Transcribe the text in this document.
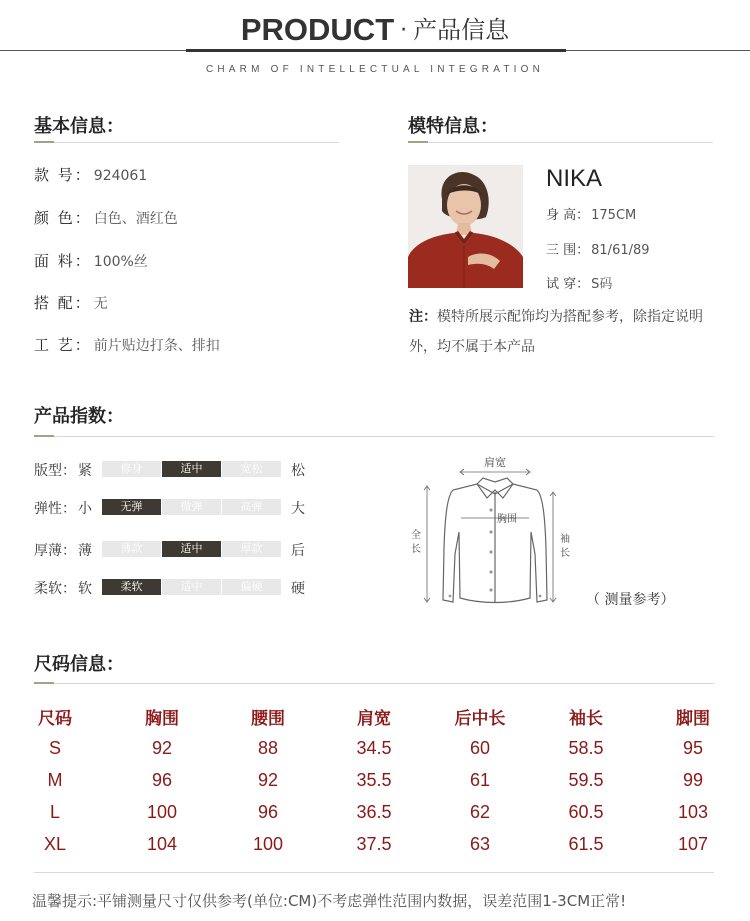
PRODUCT · 产品信息
CHARM OF INTELLECTUAL INTEGRATION
基本信息：
款 号： 924061
颜 色： 白色、酒红色
面 料： 100%丝
搭 配： 无
工 艺： 前片贴边打条、排扣
模特信息：
NIKA
身 高： 175CM
三 围： 81/61/89
试 穿： S码
注：模特所展示配饰均为搭配参考，除指定说明外，均不属于本产品
产品指数：
版型： 紧	修身	适中	宽松	松
弹性： 小	无弹	微弹	高弹	大
厚薄： 薄	薄款	适中	厚款	后
柔软： 软	柔软	适中	偏硬	硬
肩宽
胸围
全
长
袖
长
（ 测量参考）
尺码信息：
尺码	胸围	腰围	肩宽	后中长	袖长	脚围
S	92	88	34.5	60	58.5	95
M	96	92	35.5	61	59.5	99
L	100	96	36.5	62	60.5	103
XL	104	100	37.5	63	61.5	107
温馨提示:平铺测量尺寸仅供参考(单位:CM)不考虑弹性范围内数据，误差范围1-3CM正常!
